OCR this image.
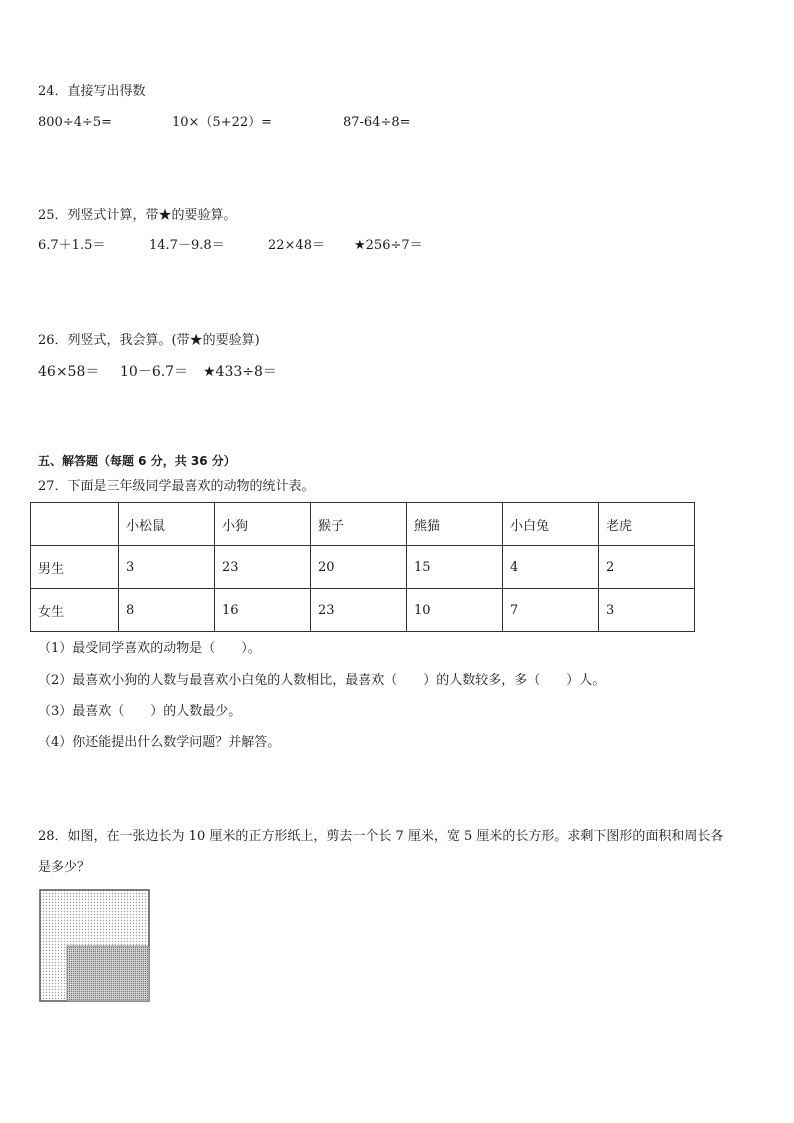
24．直接写出得数
800÷4÷5=	10×（5+22）=	87-64÷8=
25．列竖式计算，带★的要验算。
6.7＋1.5＝	14.7－9.8＝	22×48＝ ★256÷7＝
26．列竖式，我会算。(带★的要验算)
46×58＝ 10－6.7＝ ★433÷8＝
五、解答题（每题 6 分，共 36 分）
27．下面是三年级同学最喜欢的动物的统计表。
	小松鼠	小狗	猴子	熊猫	小白兔	老虎
男生	3	23	20	15	4	2
女生	8	16	23	10	7	3
（1）最受同学喜欢的动物是（　　）。
（2）最喜欢小狗的人数与最喜欢小白兔的人数相比，最喜欢（　　）的人数较多，多（　　）人。
（3）最喜欢（　　）的人数最少。
（4）你还能提出什么数学问题？并解答。
28．如图，在一张边长为 10 厘米的正方形纸上，剪去一个长 7 厘米，宽 5 厘米的长方形。求剩下图形的面积和周长各
是多少？
